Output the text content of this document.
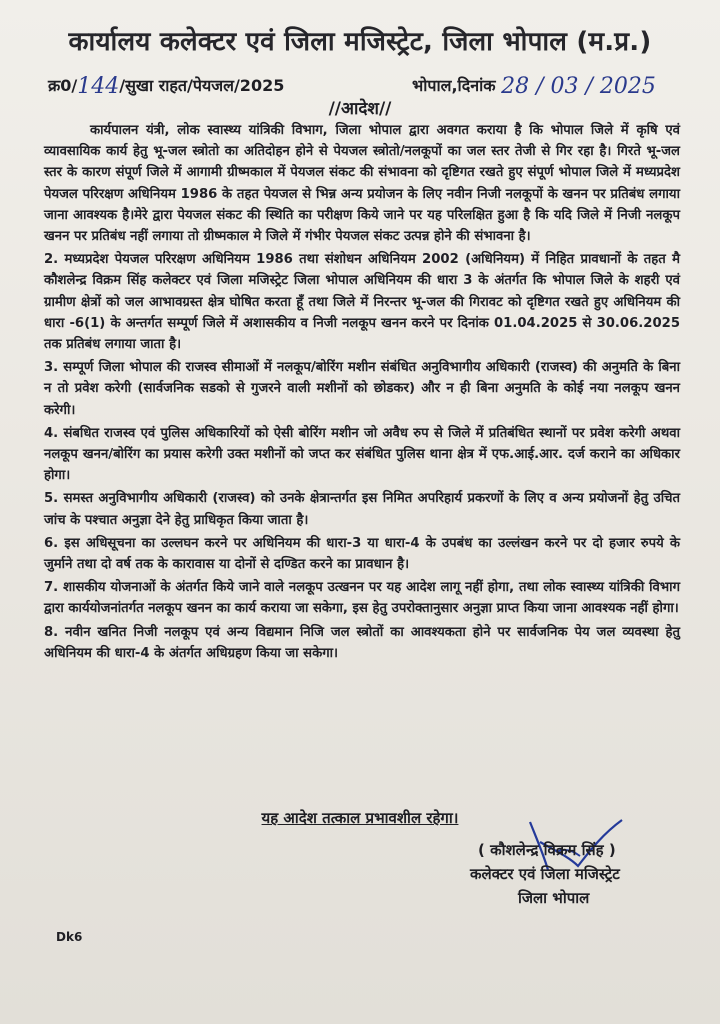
कार्यालय कलेक्टर एवं जिला मजिस्ट्रेट, जिला भोपाल (म.प्र.)
क्र0/144/सुखा राहत/पेयजल/2025	भोपाल,दिनांक 28 / 03 / 2025
//आदेश//

कार्यपालन यंत्री, लोक स्वास्थ्य यांत्रिकी विभाग, जिला भोपाल द्वारा अवगत कराया है कि भोपाल जिले में कृषि एवं व्यावसायिक कार्य हेतु भू-जल स्त्रोतो का अतिदोहन होने से पेयजल स्त्रोतो/नलकूपों का जल स्तर तेजी से गिर रहा है। गिरते भू-जल स्तर के कारण संपूर्ण जिले में आगामी ग्रीष्मकाल में पेयजल संकट की संभावना को दृष्टिगत रखते हुए संपूर्ण भोपाल जिले में मध्यप्रदेश पेयजल परिरक्षण अधिनियम 1986 के तहत पेयजल से भिन्न अन्य प्रयोजन के लिए नवीन निजी नलकूपों के खनन पर प्रतिबंध लगाया जाना आवश्यक है।मेरे द्वारा पेयजल संकट की स्थिति का परीक्षण किये जाने पर यह परिलक्षित हुआ है कि यदि जिले में निजी नलकूप खनन पर प्रतिबंध नहीं लगाया तो ग्रीष्मकाल मे जिले में गंभीर पेयजल संकट उत्पन्न होने की संभावना है।

2. मध्यप्रदेश पेयजल परिरक्षण अधिनियम 1986 तथा संशोधन अधिनियम 2002 (अधिनियम) में निहित प्रावधानों के तहत मै कौशलेन्द्र विक्रम सिंह कलेक्टर एवं जिला मजिस्ट्रेट जिला भोपाल अधिनियम की धारा 3 के अंतर्गत कि भोपाल जिले के शहरी एवं ग्रामीण क्षेत्रों को जल आभावग्रस्त क्षेत्र घोषित करता हूँ तथा जिले में निरन्तर भू-जल की गिरावट को दृष्टिगत रखते हुए अधिनियम की धारा -6(1) के अन्तर्गत सम्पूर्ण जिले में अशासकीय व निजी नलकूप खनन करने पर दिनांक 01.04.2025 से 30.06.2025 तक प्रतिबंध लगाया जाता है।

3. सम्पूर्ण जिला भोपाल की राजस्व सीमाओं में नलकूप/बोरिंग मशीन संबंधित अनुविभागीय अधिकारी (राजस्व) की अनुमति के बिना न तो प्रवेश करेगी (सार्वजनिक सडको से गुजरने वाली मशीनों को छोडकर) और न ही बिना अनुमति के कोई नया नलकूप खनन करेगी।

4. संबधित राजस्व एवं पुलिस अधिकारियों को ऐसी बोरिंग मशीन जो अवैध रुप से जिले में प्रतिबंधित स्थानों पर प्रवेश करेगी अथवा नलकूप खनन/बोरिंग का प्रयास करेगी उक्त मशीनों को जप्त कर संबंधित पुलिस थाना क्षेत्र में एफ.आई.आर. दर्ज कराने का अधिकार होगा।

5. समस्त अनुविभागीय अधिकारी (राजस्व) को उनके क्षेत्रान्तर्गत इस निमित अपरिहार्य प्रकरणों के लिए व अन्य प्रयोजनों हेतु उचित जांच के पश्चात अनुज्ञा देने हेतु प्राधिकृत किया जाता है।

6. इस अधिसूचना का उल्लघन करने पर अधिनियम की धारा-3 या धारा-4 के उपबंध का उल्लंखन करने पर दो हजार रुपये के जुर्माने तथा दो वर्ष तक के कारावास या दोनों से दण्डित करने का प्रावधान है।

7. शासकीय योजनाओं के अंतर्गत किये जाने वाले नलकूप उत्खनन पर यह आदेश लागू नहीं होगा, तथा लोक स्वास्थ्य यांत्रिकी विभाग द्वारा कार्ययोजनांतर्गत नलकूप खनन का कार्य कराया जा सकेगा, इस हेतु उपरोक्तानुसार अनुज्ञा प्राप्त किया जाना आवश्यक नहीं होगा।

8. नवीन खनित निजी नलकूप एवं अन्य विद्यमान निजि जल स्त्रोतों का आवश्यकता होने पर सार्वजनिक पेय जल व्यवस्था हेतु अधिनियम की धारा-4 के अंतर्गत अधिग्रहण किया जा सकेगा।

यह आदेश तत्काल प्रभावशील रहेगा।
( कौशलेन्द्र विक्रम सिंह )
कलेक्टर एवं जिला मजिस्ट्रेट
जिला भोपाल
Dk6
